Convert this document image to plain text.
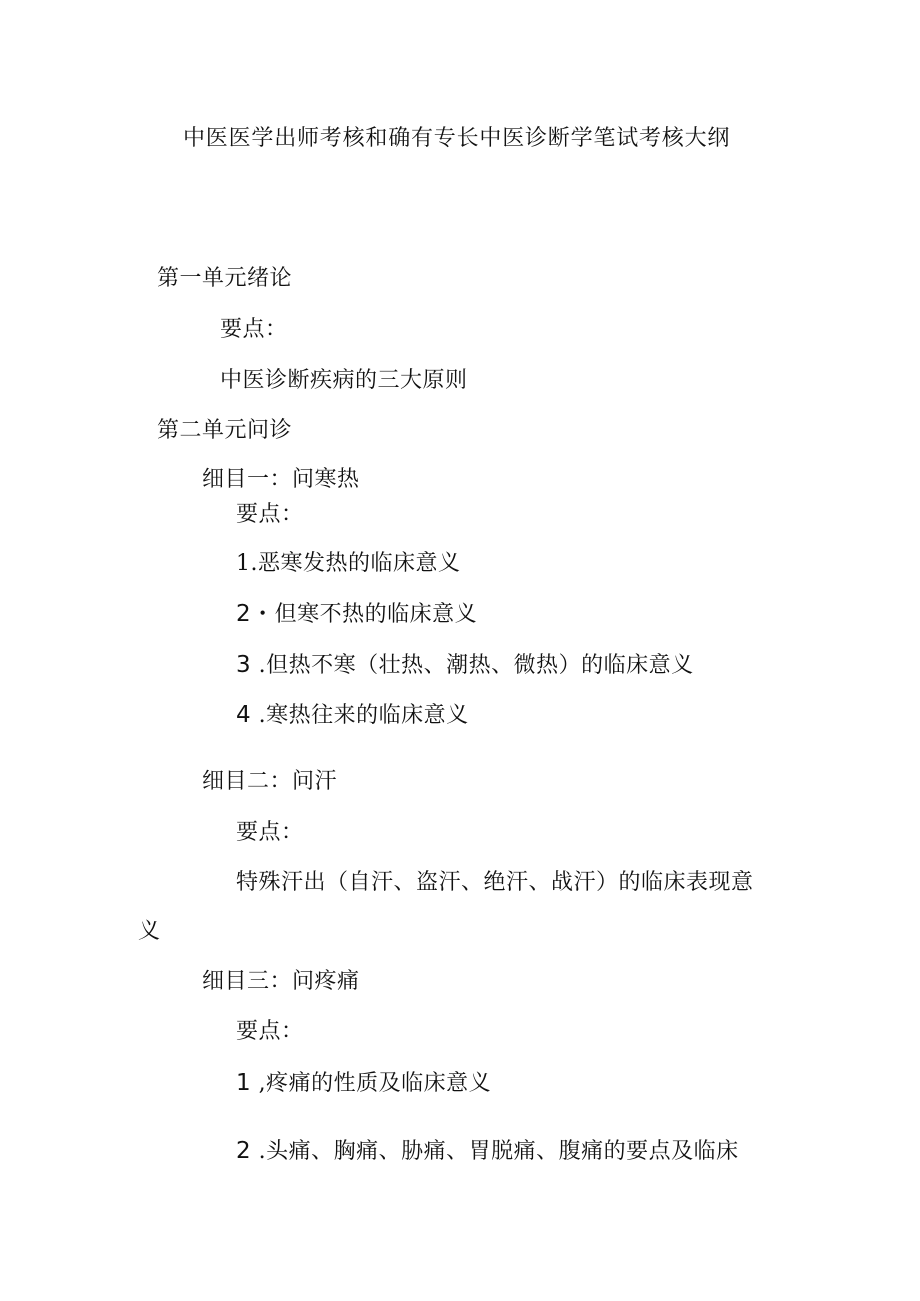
中医医学出师考核和确有专长中医诊断学笔试考核大纲
第一单元绪论
要点：
中医诊断疾病的三大原则
第二单元问诊
细目一：问寒热
要点：
1.恶寒发热的临床意义
2・但寒不热的临床意义
3 .但热不寒（壮热、潮热、微热）的临床意义
4 .寒热往来的临床意义
细目二：问汗
要点：
特殊汗出（自汗、盗汗、绝汗、战汗）的临床表现意
义
细目三：问疼痛
要点：
1 ,疼痛的性质及临床意义
2 .头痛、胸痛、胁痛、胃脱痛、腹痛的要点及临床
